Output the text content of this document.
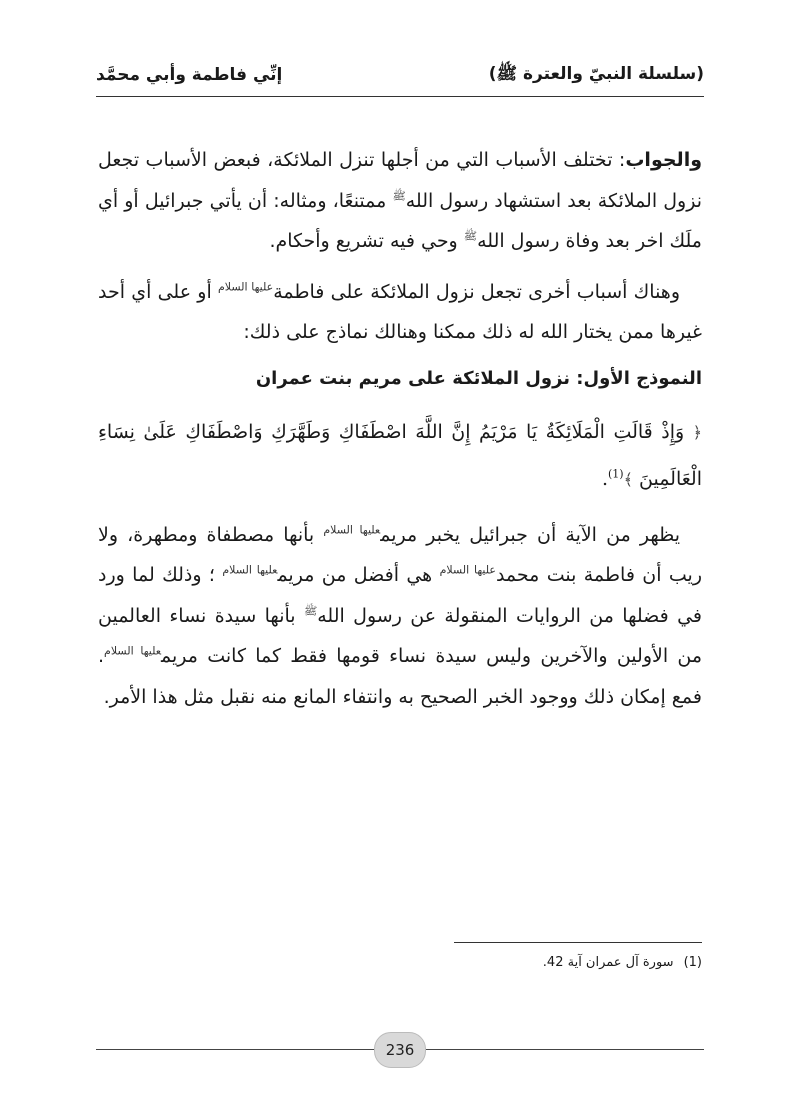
(سلسلة النبيّ والعترة ﷺ)
إنِّي فاطمة وأبي محمَّد

والجواب: تختلف الأسباب التي من أجلها تنزل الملائكة، فبعض الأسباب تجعل نزول الملائكة بعد استشهاد رسول الله$^ﷺ$ ممتنعًا، ومثاله: أن يأتي جبرائيل أو أي ملَك اخر بعد وفاة رسول الله$^ﷺ$ وحي فيه تشريع وأحكام.

وهناك أسباب أخرى تجعل نزول الملائكة على فاطمة$^{عليها السلام}$ أو على أي أحد غيرها ممن يختار الله له ذلك ممكنا وهنالك نماذج على ذلك:

النموذج الأول: نزول الملائكة على مريم بنت عمران

﴿ وَإِذْ قَالَتِ الْمَلَائِكَةُ يَا مَرْيَمُ إِنَّ اللَّهَ اصْطَفَاكِ وَطَهَّرَكِ وَاصْطَفَاكِ عَلَىٰ نِسَاءِ الْعَالَمِينَ ﴾$^{(1)}$.

يظهر من الآية أن جبرائيل يخبر مريم$^{عليها السلام}$ بأنها مصطفاة ومطهرة، ولا ريب أن فاطمة بنت محمد$^{عليها السلام}$ هي أفضل من مريم$^{عليها السلام}$ ؛ وذلك لما ورد في فضلها من الروايات المنقولة عن رسول الله$^ﷺ$ بأنها سيدة نساء العالمين من الأولين والآخرين وليس سيدة نساء قومها فقط كما كانت مريم$^{عليها السلام}$. فمع إمكان ذلك ووجود الخبر الصحيح به وانتفاء المانع منه نقبل مثل هذا الأمر.

(1)
سورة آل عمران آية 42.
236
